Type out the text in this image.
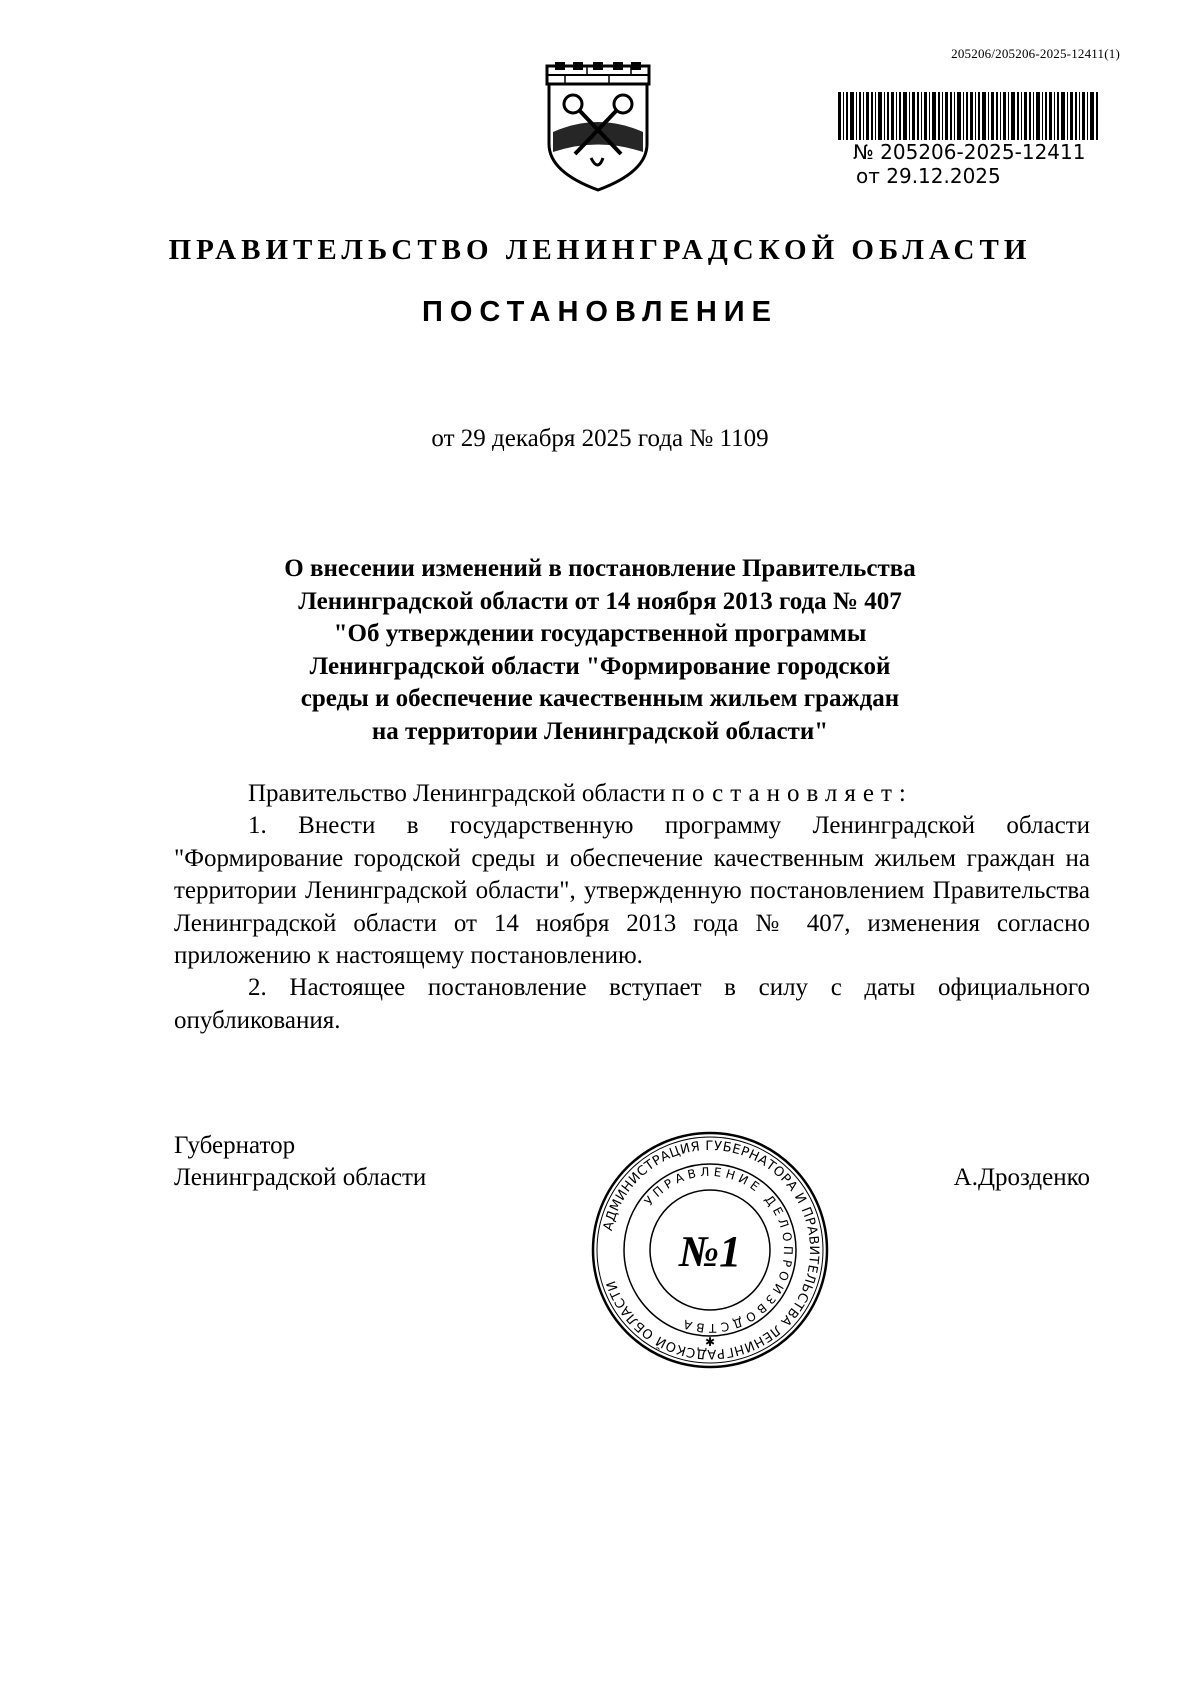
205206/205206-2025-12411(1)
№ 205206-2025-12411
от 29.12.2025
ПРАВИТЕЛЬСТВО ЛЕНИНГРАДСКОЙ ОБЛАСТИ
ПОСТАНОВЛЕНИЕ
от 29 декабря 2025 года № 1109
О внесении изменений в постановление Правительства
Ленинградской области от 14 ноября 2013 года № 407
"Об утверждении государственной программы
Ленинградской области "Формирование городской
среды и обеспечение качественным жильем граждан
на территории Ленинградской области"

Правительство Ленинградской области постановляет:

1. Внести в государственную программу Ленинградской области "Формирование городской среды и обеспечение качественным жильем граждан на территории Ленинградской области", утвержденную постановлением Правительства Ленинградской области от 14 ноября 2013 года № 407, изменения согласно приложению к настоящему постановлению.

2. Настоящее постановление вступает в силу с даты официального опубликования.

Губернатор
Ленинградской области	А.Дрозденко
АДМИНИСТРАЦИЯ ГУБЕРНАТОРА И ПРАВИТЕЛЬСТВА ЛЕНИНГРАДСКОЙ ОБЛАСТИ
УПРАВЛЕНИЕ ДЕЛОПРОИЗВОДСТВА
№1
✱
